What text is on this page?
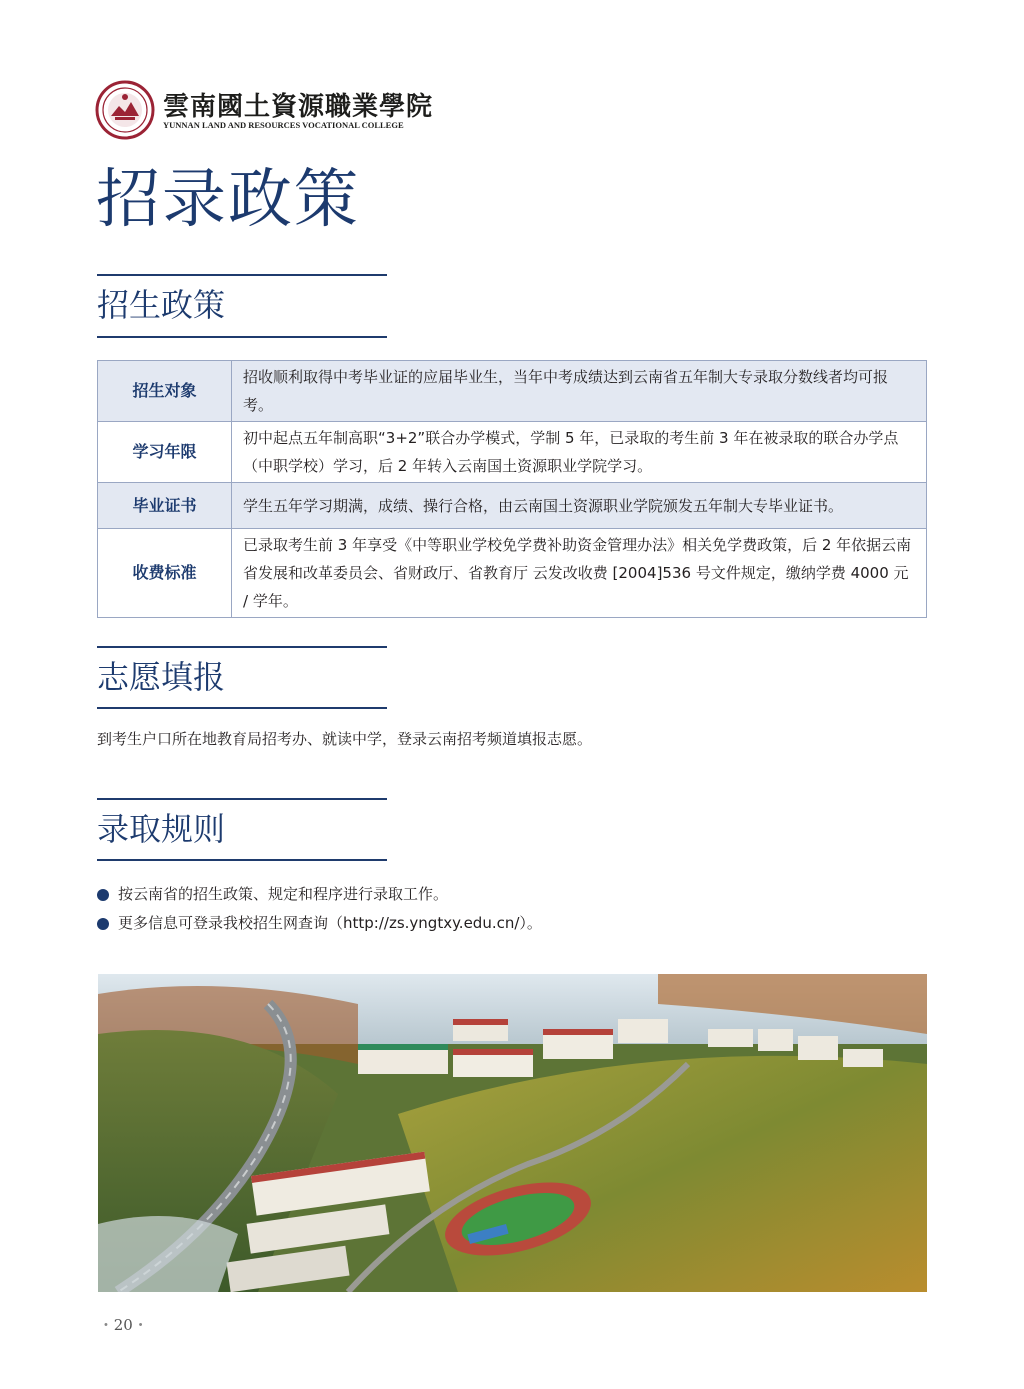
雲南國土資源職業學院
YUNNAN LAND AND RESOURCES VOCATIONAL COLLEGE
招录政策
招生政策
招生对象	招收顺利取得中考毕业证的应届毕业生，当年中考成绩达到云南省五年制大专录取分数线者均可报考。
学习年限	初中起点五年制高职“3+2”联合办学模式，学制 5 年，已录取的考生前 3 年在被录取的联合办学点（中职学校）学习，后 2 年转入云南国土资源职业学院学习。
毕业证书	学生五年学习期满，成绩、操行合格，由云南国土资源职业学院颁发五年制大专毕业证书。
收费标准	已录取考生前 3 年享受《中等职业学校免学费补助资金管理办法》相关免学费政策，后 2 年依据云南省发展和改革委员会、省财政厅、省教育厅 云发改收费 [2004]536 号文件规定，缴纳学费 4000 元 / 学年。
志愿填报
到考生户口所在地教育局招考办、就读中学，登录云南招考频道填报志愿。
录取规则
按云南省的招生政策、规定和程序进行录取工作。
更多信息可登录我校招生网查询（http://zs.yngtxy.edu.cn/）。
• 20 •
